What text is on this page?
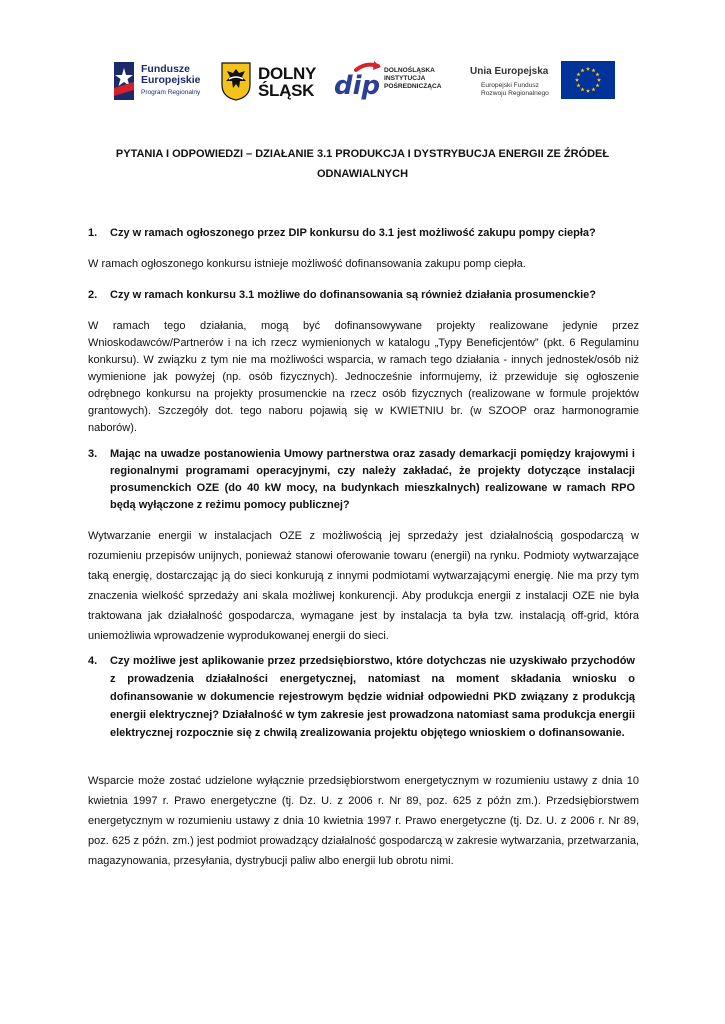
Fundusze
Europejskie
Program Regionalny
DOLNY
ŚLĄSK dip
DOLNOŚLĄSKA
INSTYTUCJA
POŚREDNICZĄCA
Unia Europejska
Europejski Fundusz
Rozwoju Regionalnego
PYTANIA I ODPOWIEDZI – DZIAŁANIE 3.1 PRODUKCJA I DYSTRYBUCJA ENERGII ZE ŹRÓDEŁ ODNAWIALNYCH
1. Czy w ramach ogłoszonego przez DIP konkursu do 3.1 jest możliwość zakupu pompy ciepła?
W ramach ogłoszonego konkursu istnieje możliwość dofinansowania zakupu pomp ciepła.
2. Czy w ramach konkursu 3.1 możliwe do dofinansowania są również działania prosumenckie?
W ramach tego działania, mogą być dofinansowywane projekty realizowane jedynie przez Wnioskodawców/Partnerów i na ich rzecz wymienionych w katalogu „Typy Beneficjentów” (pkt. 6 Regulaminu konkursu). W związku z tym nie ma możliwości wsparcia, w ramach tego działania - innych jednostek/osób niż wymienione jak powyżej (np. osób fizycznych). Jednocześnie informujemy, iż przewiduje się ogłoszenie odrębnego konkursu na projekty prosumenckie na rzecz osób fizycznych (realizowane w formule projektów grantowych). Szczegóły dot. tego naboru pojawią się w KWIETNIU br. (w SZOOP oraz harmonogramie naborów).
3. Mając na uwadze postanowienia Umowy partnerstwa oraz zasady demarkacji pomiędzy krajowymi i regionalnymi programami operacyjnymi, czy należy zakładać, że projekty dotyczące instalacji prosumenckich OZE (do 40 kW mocy, na budynkach mieszkalnych) realizowane w ramach RPO będą wyłączone z reżimu pomocy publicznej?
Wytwarzanie energii w instalacjach OZE z możliwością jej sprzedaży jest działalnością gospodarczą w rozumieniu przepisów unijnych, ponieważ stanowi oferowanie towaru (energii) na rynku. Podmioty wytwarzające taką energię, dostarczając ją do sieci konkurują z innymi podmiotami wytwarzającymi energię. Nie ma przy tym znaczenia wielkość sprzedaży ani skala możliwej konkurencji. Aby produkcja energii z instalacji OZE nie była traktowana jak działalność gospodarcza, wymagane jest by instalacja ta była tzw. instalacją off-grid, która uniemożliwia wprowadzenie wyprodukowanej energii do sieci.
4. Czy możliwe jest aplikowanie przez przedsiębiorstwo, które dotychczas nie uzyskiwało przychodów z prowadzenia działalności energetycznej, natomiast na moment składania wniosku o dofinansowanie w dokumencie rejestrowym będzie widniał odpowiedni PKD związany z produkcją energii elektrycznej? Działalność w tym zakresie jest prowadzona natomiast sama produkcja energii elektrycznej rozpocznie się z chwilą zrealizowania projektu objętego wnioskiem o dofinansowanie.
Wsparcie może zostać udzielone wyłącznie przedsiębiorstwom energetycznym w rozumieniu ustawy z dnia 10 kwietnia 1997 r. Prawo energetyczne (tj. Dz. U. z 2006 r. Nr 89, poz. 625 z późn zm.). Przedsiębiorstwem energetycznym w rozumieniu ustawy z dnia 10 kwietnia 1997 r. Prawo energetyczne (tj. Dz. U. z 2006 r. Nr 89, poz. 625 z późn. zm.) jest podmiot prowadzący działalność gospodarczą w zakresie wytwarzania, przetwarzania, magazynowania, przesyłania, dystrybucji paliw albo energii lub obrotu nimi.
